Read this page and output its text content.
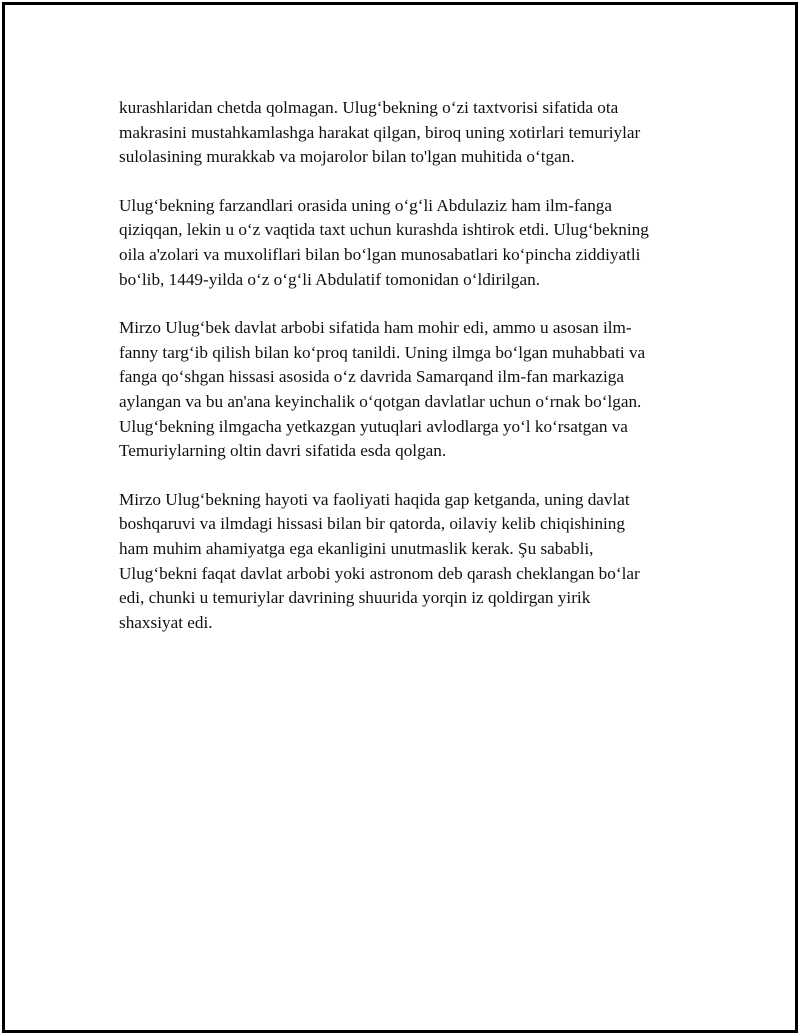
kurashlaridan chetda qolmagan. Ulug‘bekning o‘zi taxtvorisi sifatida ota
makrasini mustahkamlashga harakat qilgan, biroq uning xotirlari temuriylar
sulolasining murakkab va mojarolor bilan to'lgan muhitida o‘tgan.

Ulug‘bekning farzandlari orasida uning o‘g‘li Abdulaziz ham ilm-fanga
qiziqqan, lekin u o‘z vaqtida taxt uchun kurashda ishtirok etdi. Ulug‘bekning
oila a'zolari va muxoliflari bilan bo‘lgan munosabatlari ko‘pincha ziddiyatli
bo‘lib, 1449-yilda o‘z o‘g‘li Abdulatif tomonidan o‘ldirilgan.

Mirzo Ulug‘bek davlat arbobi sifatida ham mohir edi, ammo u asosan ilm-
fanny targ‘ib qilish bilan ko‘proq tanildi. Uning ilmga bo‘lgan muhabbati va
fanga qo‘shgan hissasi asosida o‘z davrida Samarqand ilm-fan markaziga
aylangan va bu an'ana keyinchalik o‘qotgan davlatlar uchun o‘rnak bo‘lgan.
Ulug‘bekning ilmgacha yetkazgan yutuqlari avlodlarga yo‘l ko‘rsatgan va
Temuriylarning oltin davri sifatida esda qolgan.

Mirzo Ulug‘bekning hayoti va faoliyati haqida gap ketganda, uning davlat
boshqaruvi va ilmdagi hissasi bilan bir qatorda, oilaviy kelib chiqishining
ham muhim ahamiyatga ega ekanligini unutmaslik kerak. Şu sababli,
Ulug‘bekni faqat davlat arbobi yoki astronom deb qarash cheklangan bo‘lar
edi, chunki u temuriylar davrining shuurida yorqin iz qoldirgan yirik
shaxsiyat edi.
